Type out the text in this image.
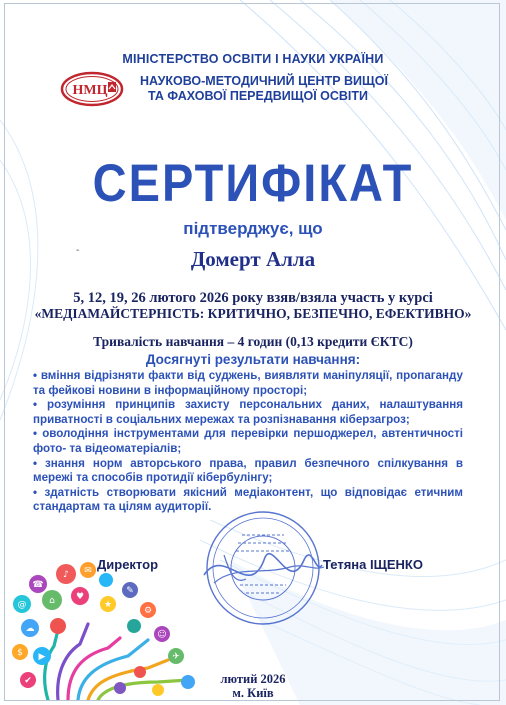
МІНІСТЕРСТВО ОСВІТИ І НАУКИ УКРАЇНИ
НМЦ
НАУКОВО-МЕТОДИЧНИЙ ЦЕНТР ВИЩОЇ
ТА ФАХОВОЇ ПЕРЕДВИЩОЇ ОСВІТИ
СЕРТИФІКАТ
підтверджує, що
-	Домерт Алла
5, 12, 19, 26 лютого 2026 року взяв/взяла участь у курсі
«МЕДІАМАЙСТЕРНІСТЬ: КРИТИЧНО, БЕЗПЕЧНО, ЕФЕКТИВНО»
Тривалість навчання – 4 годин (0,13 кредити ЄКТС)
Досягнуті результати навчання:
• вміння відрізняти факти від суджень, виявляти маніпуляції, пропаганду та фейкові новини в інформаційному просторі;
• розуміння принципів захисту персональних даних, налаштування приватності в соціальних мережах та розпізнавання кіберзагроз;
• оволодіння інструментами для перевірки першоджерел, автентичності фото- та відеоматеріалів;
• знання норм авторського права, правил безпечного спілкування в мережі та способів протидії кібербулінгу;
• здатність створювати якісний медіаконтент, що відповідає етичним стандартам та цілям аудиторії.
Директор	Тетяна ІЩЕНКО
♪ ✉
☎
⌂ ♥
@
☁
★
▶
✎
⚙
☺
✈
$
✔	лютий 2026
м. Київ
